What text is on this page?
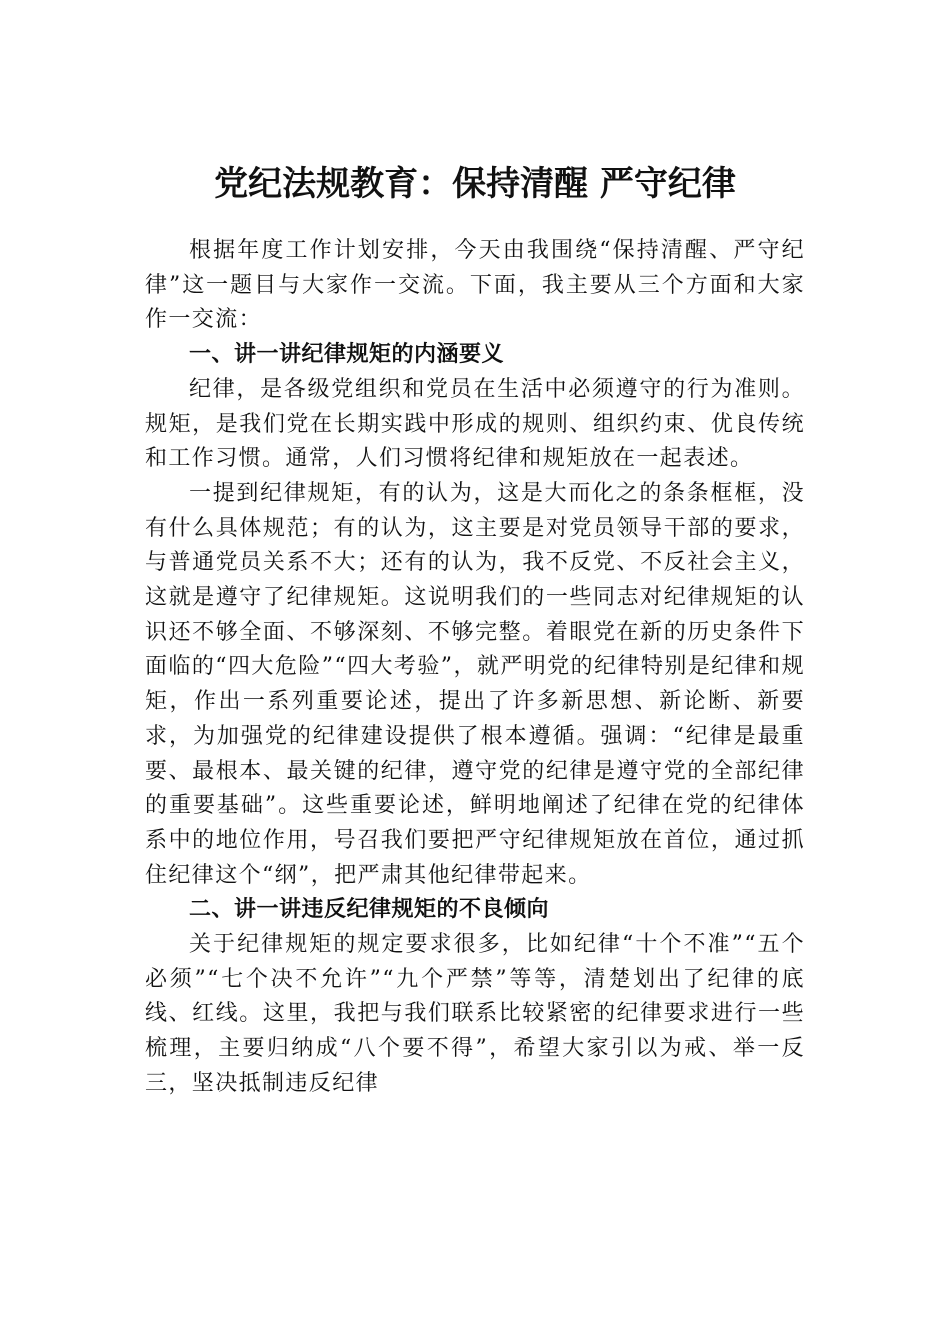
党纪法规教育：保持清醒 严守纪律

根据年度工作计划安排，今天由我围绕“保持清醒、严守纪律”这一题目与大家作一交流。下面，我主要从三个方面和大家作一交流：

一、讲一讲纪律规矩的内涵要义

纪律，是各级党组织和党员在生活中必须遵守的行为准则。规矩，是我们党在长期实践中形成的规则、组织约束、优良传统和工作习惯。通常，人们习惯将纪律和规矩放在一起表述。

一提到纪律规矩，有的认为，这是大而化之的条条框框，没有什么具体规范；有的认为，这主要是对党员领导干部的要求，与普通党员关系不大；还有的认为，我不反党、不反社会主义，这就是遵守了纪律规矩。这说明我们的一些同志对纪律规矩的认识还不够全面、不够深刻、不够完整。着眼党在新的历史条件下面临的“四大危险”“四大考验”，就严明党的纪律特别是纪律和规矩，作出一系列重要论述，提出了许多新思想、新论断、新要求，为加强党的纪律建设提供了根本遵循。强调：“纪律是最重要、最根本、最关键的纪律，遵守党的纪律是遵守党的全部纪律的重要基础”。这些重要论述，鲜明地阐述了纪律在党的纪律体系中的地位作用，号召我们要把严守纪律规矩放在首位，通过抓住纪律这个“纲”，把严肃其他纪律带起来。

二、讲一讲违反纪律规矩的不良倾向

关于纪律规矩的规定要求很多，比如纪律“十个不准”“五个必须”“七个决不允许”“九个严禁”等等，清楚划出了纪律的底线、红线。这里，我把与我们联系比较紧密的纪律要求进行一些梳理，主要归纳成“八个要不得”，希望大家引以为戒、举一反三，坚决抵制违反纪律
